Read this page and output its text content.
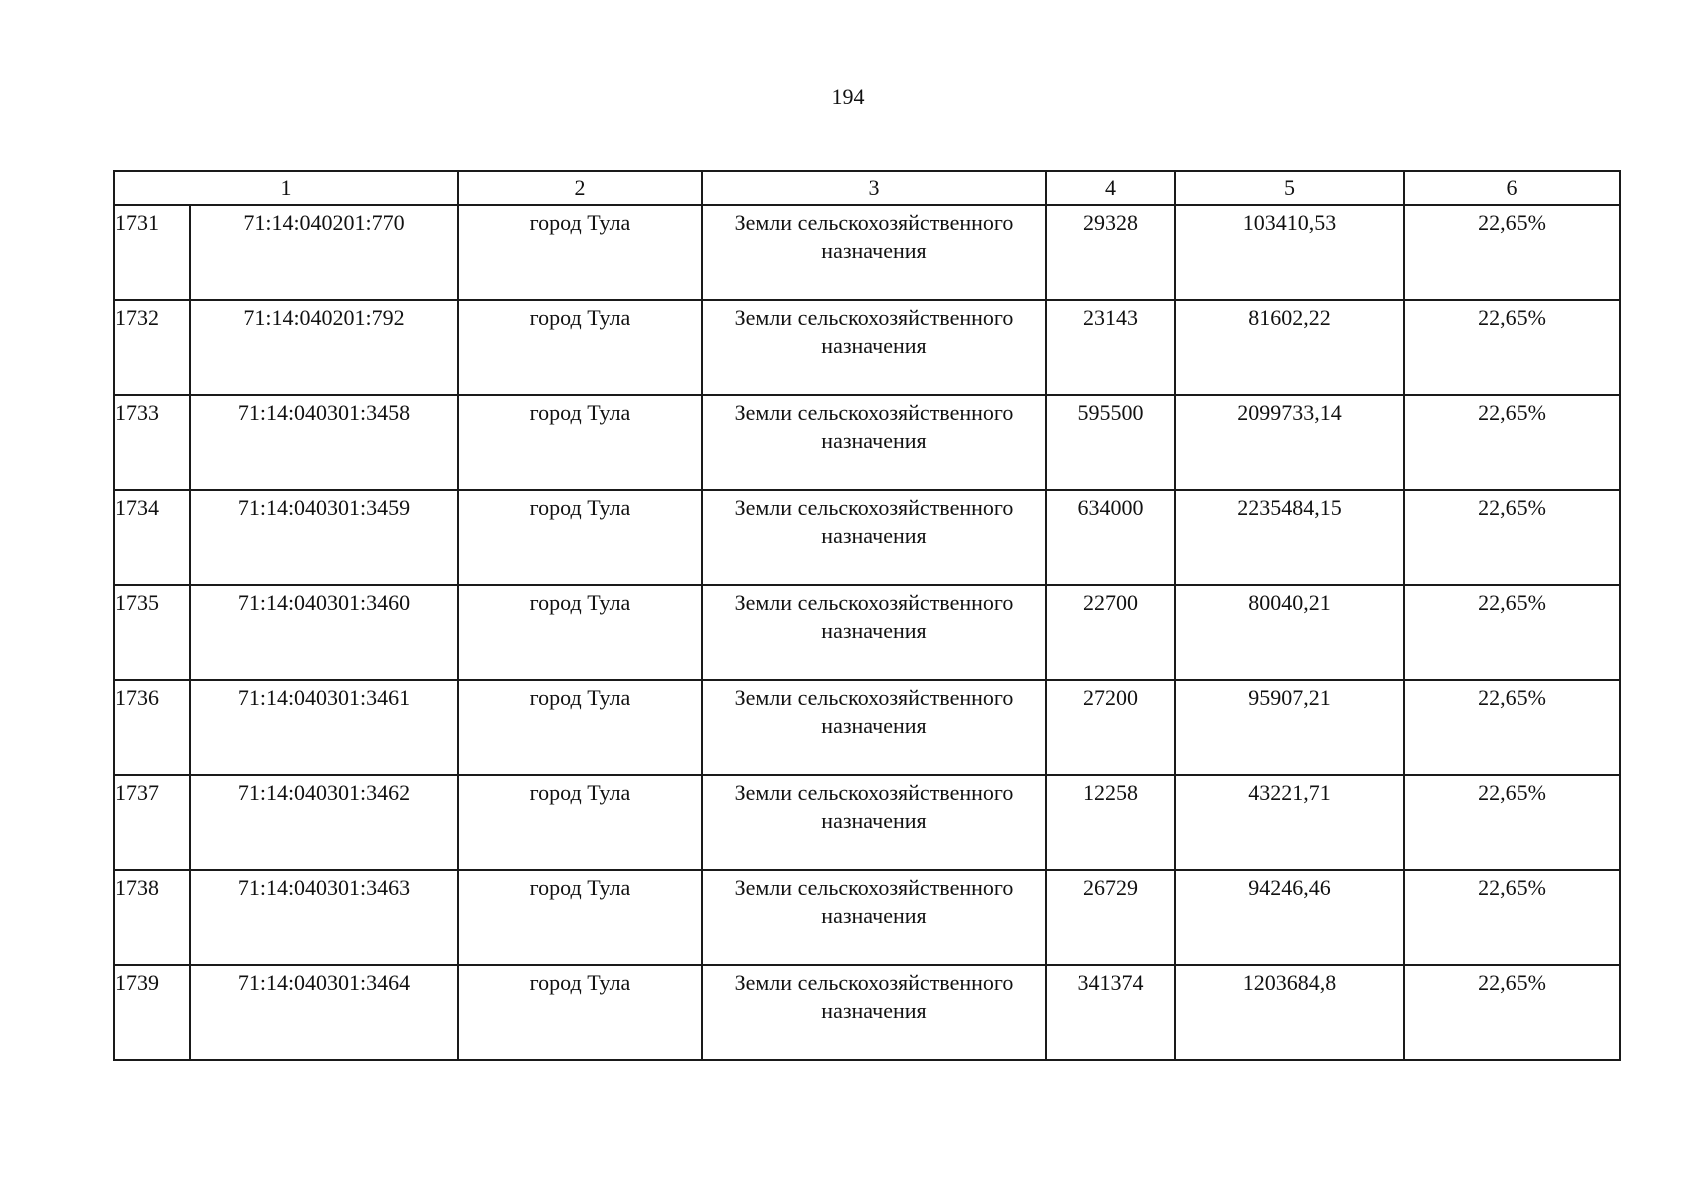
194
1		2	3	4	5	6
1731	71:14:040201:770	город Тула	Земли сельскохозяйственного назначения	29328	103410,53	22,65%
1732	71:14:040201:792	город Тула	Земли сельскохозяйственного назначения	23143	81602,22	22,65%
1733	71:14:040301:3458	город Тула	Земли сельскохозяйственного назначения	595500	2099733,14	22,65%
1734	71:14:040301:3459	город Тула	Земли сельскохозяйственного назначения	634000	2235484,15	22,65%
1735	71:14:040301:3460	город Тула	Земли сельскохозяйственного назначения	22700	80040,21	22,65%
1736	71:14:040301:3461	город Тула	Земли сельскохозяйственного назначения	27200	95907,21	22,65%
1737	71:14:040301:3462	город Тула	Земли сельскохозяйственного назначения	12258	43221,71	22,65%
1738	71:14:040301:3463	город Тула	Земли сельскохозяйственного назначения	26729	94246,46	22,65%
1739	71:14:040301:3464	город Тула	Земли сельскохозяйственного назначения	341374	1203684,8	22,65%
